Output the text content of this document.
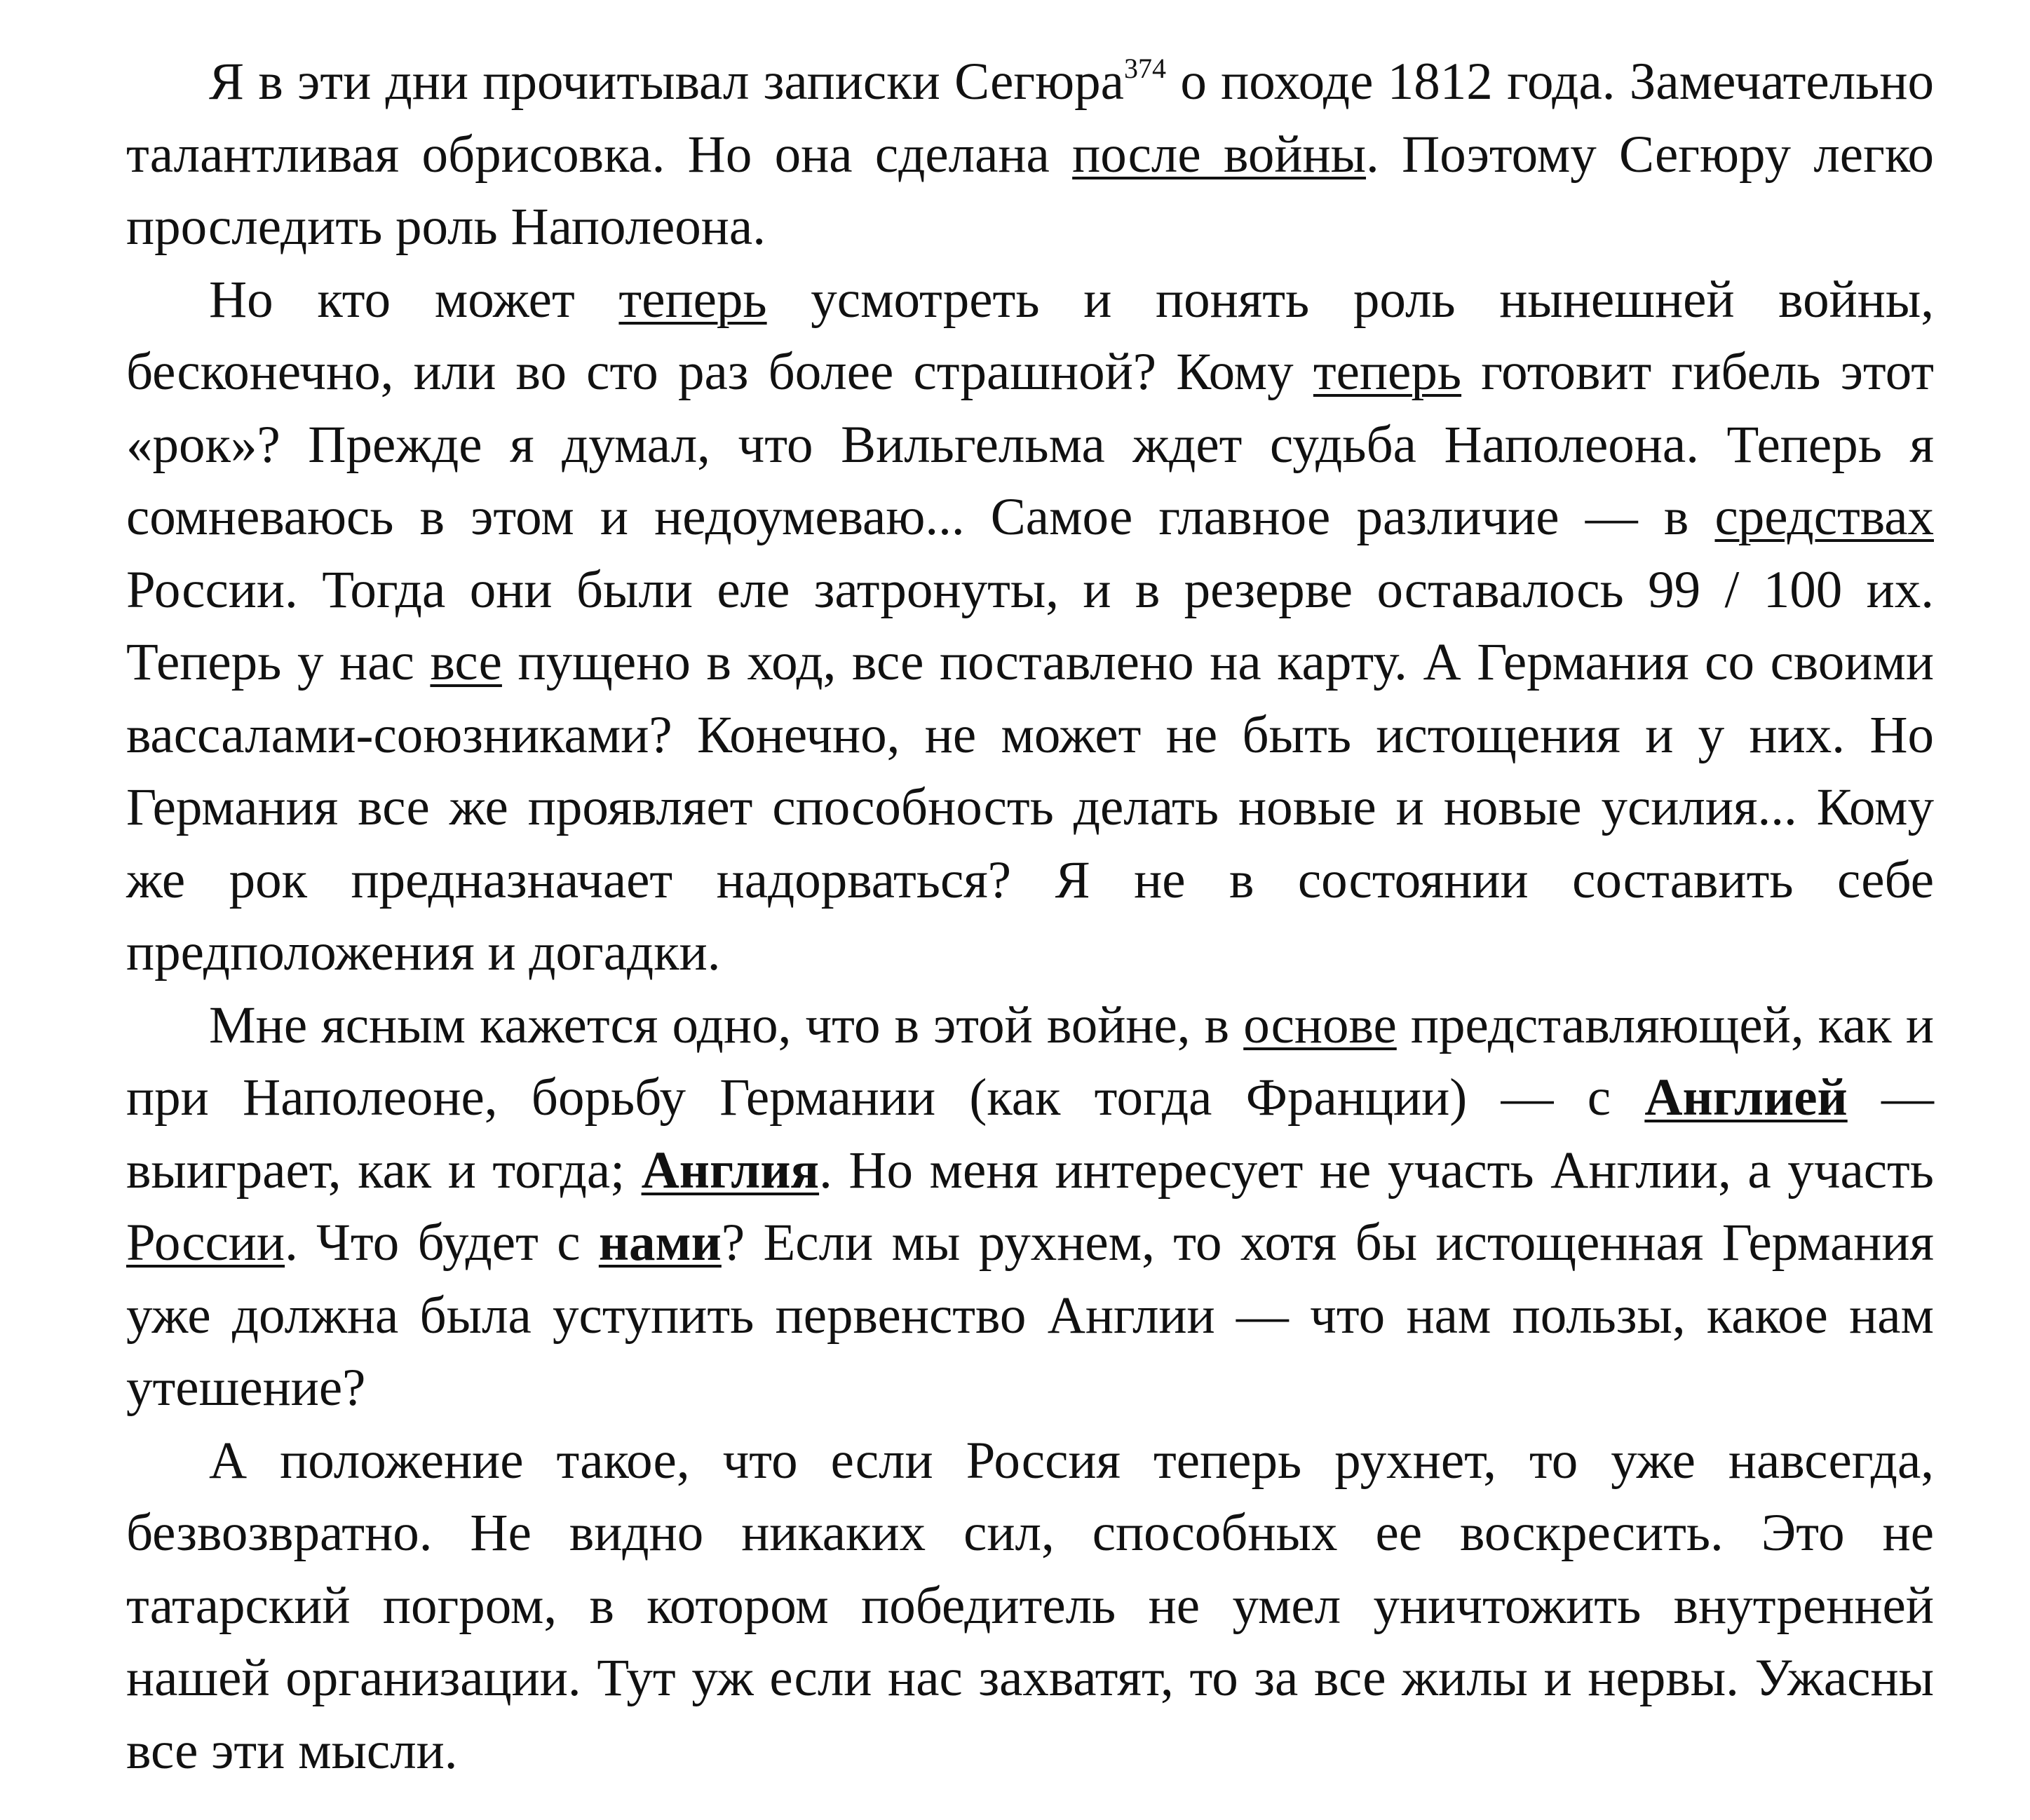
Я в эти дни прочитывал записки Сегюра$^{374}$ о походе 1812 года. Замечательно талантливая обрисовка. Но она сделана после войны. Поэтому Сегюру легко проследить роль Наполеона.

Но кто может теперь усмотреть и понять роль нынешней войны, бесконечно, или во сто раз более страшной? Кому теперь готовит гибель этот «рок»? Прежде я думал, что Вильгельма ждет судьба Наполеона. Теперь я сомневаюсь в этом и недоумеваю... Самое главное различие — в средствах России. Тогда они были еле затронуты, и в резерве оставалось 99 / 100 их. Теперь у нас все пущено в ход, все поставлено на карту. А Германия со своими вассалами-союзниками? Конечно, не может не быть истощения и у них. Но Германия все же проявляет способность делать новые и новые усилия... Кому же рок предназначает надорваться? Я не в состоянии составить себе предположения и догадки.

Мне ясным кажется одно, что в этой войне, в основе представляющей, как и при Наполеоне, борьбу Германии (как тогда Франции) — с Англией — выиграет, как и тогда; Англия. Но меня интересует не участь Англии, а участь России. Что будет с нами? Если мы рухнем, то хотя бы истощенная Германия уже должна была уступить первенство Англии — что нам пользы, какое нам утешение?

А положение такое, что если Россия теперь рухнет, то уже навсегда, безвозвратно. Не видно никаких сил, способных ее воскресить. Это не татарский погром, в котором победитель не умел уничтожить внутренней нашей организации. Тут уж если нас захватят, то за все жилы и нервы. Ужасны все эти мысли.
